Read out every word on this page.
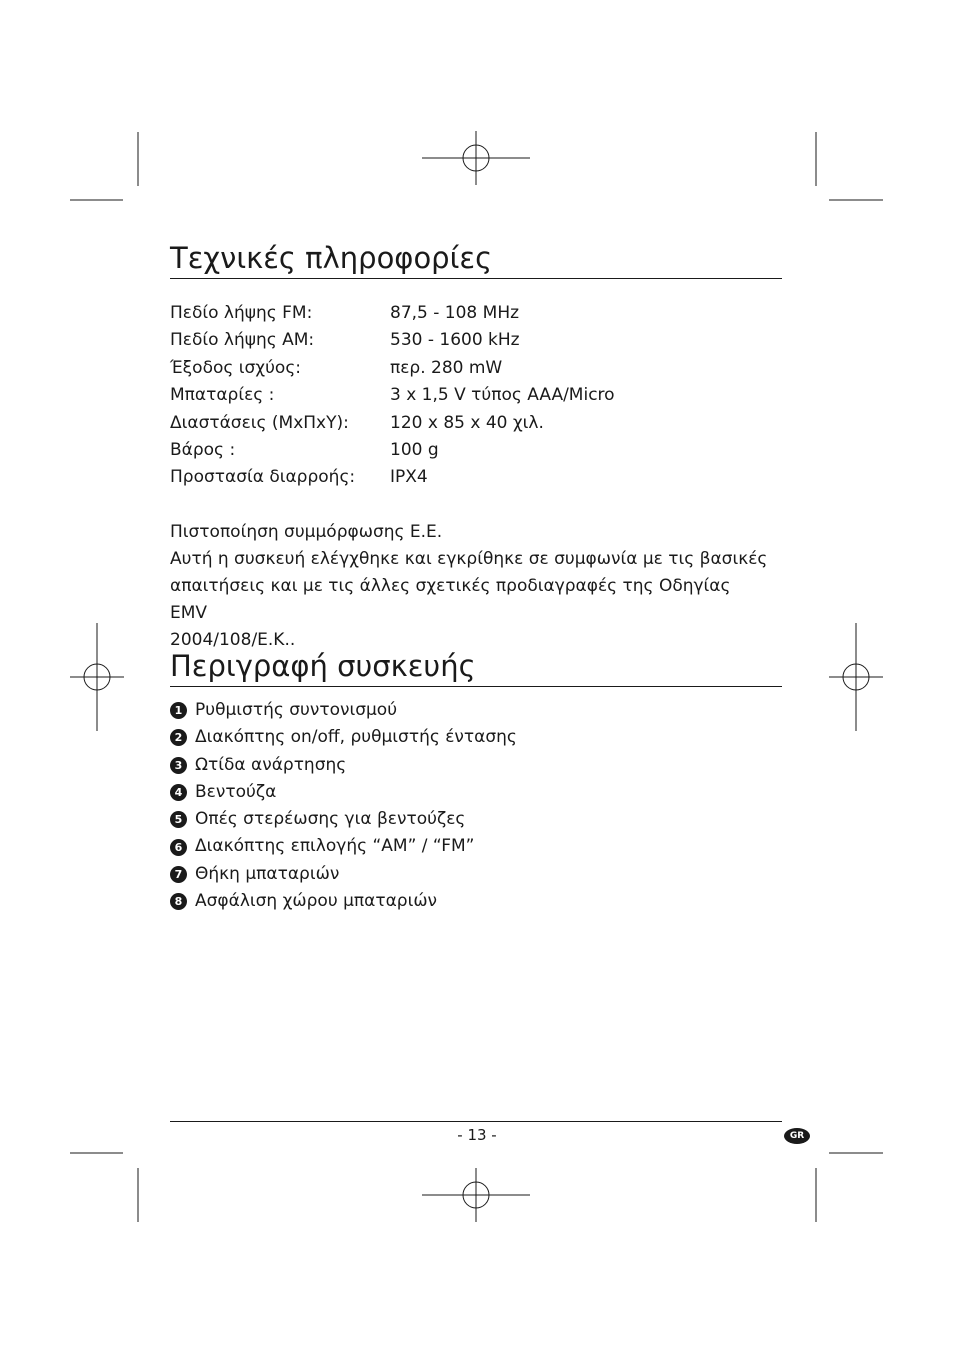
Τεχνικές πληροφορίες
Πεδίο λήψης FM:	87,5 - 108 MHz
Πεδίο λήψης AM:	530 - 1600 kHz
Έξοδος ισχύος:	περ. 280 mW
Μπαταρίες :	3 x 1,5 V τύπος AAA/Micro
Διαστάσεις (ΜxΠxΥ):	120 x 85 x 40 χιλ.
Βάρος :	100 g
Προστασία διαρροής:	IPX4
Πιστοποίηση συμμόρφωσης Ε.Ε.
Αυτή η συσκευή ελέγχθηκε και εγκρίθηκε σε συμφωνία με τις βασικές
απαιτήσεις και με τις άλλες σχετικές προδιαγραφές της Οδηγίας EMV
2004/108/Ε.Κ..
Περιγραφή συσκευής
1 Ρυθμιστής συντονισμού
2 Διακόπτης on/off, ρυθμιστής έντασης
3 Ωτίδα ανάρτησης
4 Βεντούζα
5 Οπές στερέωσης για βεντούζες
6 Διακόπτης επιλογής “AM” / “FM”
7 Θήκη μπαταριών
8 Ασφάλιση χώρου μπαταριών
- 13 -	GR
